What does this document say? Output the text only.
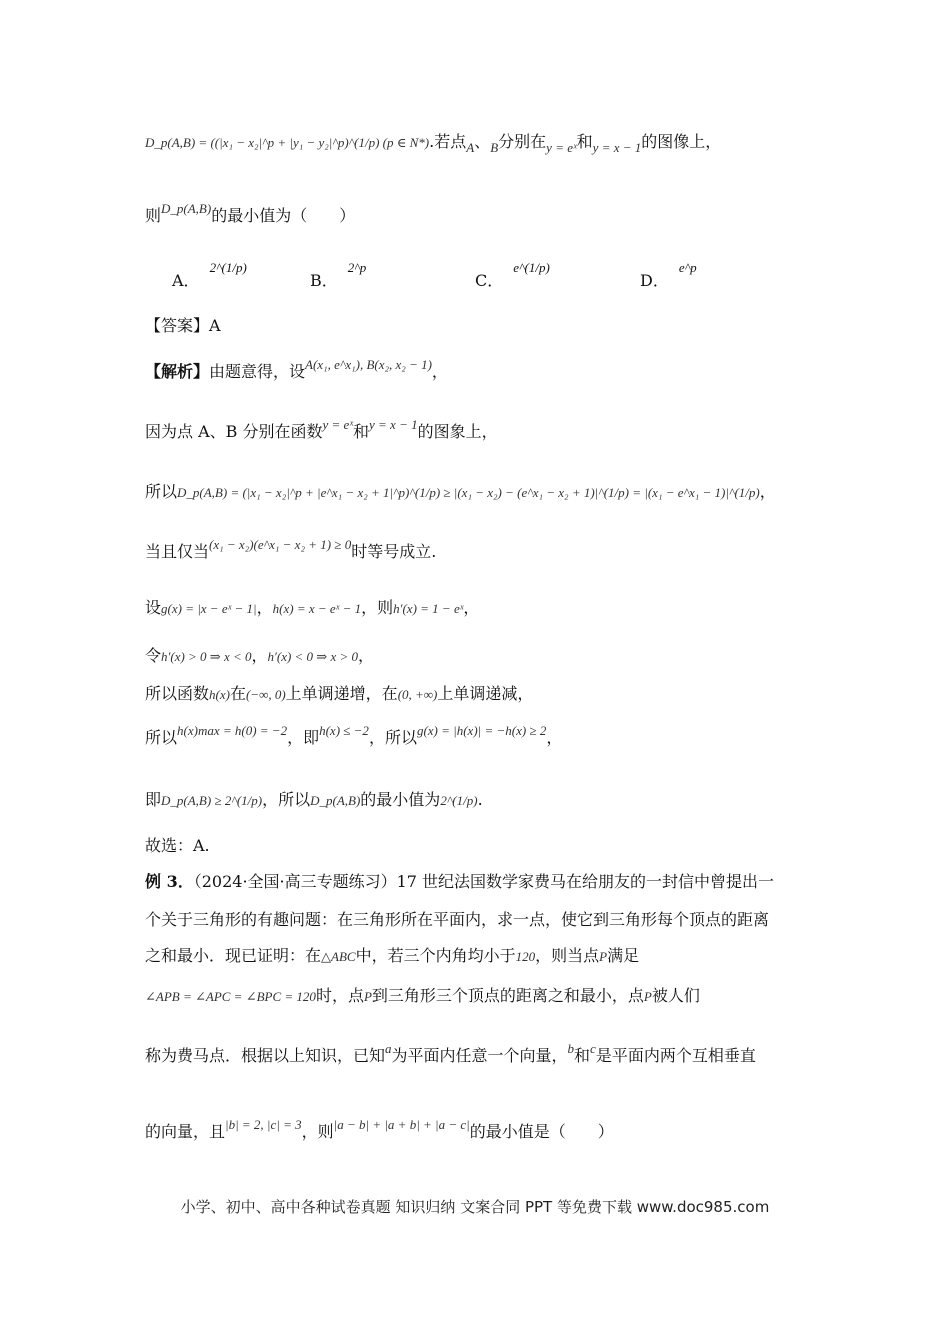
D_p(A,B) = ((|x₁ − x₂|^p + |y₁ − y₂|^p)^(1/p) (p ∈ N*).若点$_A$、$_B$分别在$_{y = eˣ}$和$_{y = x - 1}$的图像上，
则$^{D\_p(A,B)}$的最小值为（　　）
A．$^{2\^{}(1/p)}$
B．$^{2\^{}p}$
C．$^{e\^{}(1/p)}$
D．$^{e\^{}p}$
【答案】A
【解析】由题意得，设$^{A(x_1, e\^{}x_1), B(x_2, x_2 - 1)}$，
因为点 A、B 分别在函数$^{y = eˣ}$和$^{y = x - 1}$的图象上，
所以D_p(A,B) = (|x₁ − x₂|^p + |e^x₁ − x₂ + 1|^p)^(1/p) ≥ |(x₁ − x₂) − (e^x₁ − x₂ + 1)|^(1/p) = |(x₁ − e^x₁ − 1)|^(1/p)，
当且仅当$^{(x_1 - x_2)(e\^{}x_1 - x_2 + 1) \ge 0}$时等号成立.
设g(x) = |x − eˣ − 1|，h(x) = x − eˣ − 1，则h′(x) = 1 − eˣ，
令h′(x) > 0 ⇒ x < 0，h′(x) < 0 ⇒ x > 0，
所以函数h(x)在(−∞, 0)上单调递增，在(0, +∞)上单调递减，
所以$^{h(x)max = h(0) = -2}$，即$^{h(x) \le -2}$，所以$^{g(x) = |h(x)| = -h(x) \ge 2}$，
即D_p(A,B) ≥ 2^(1/p)，所以D_p(A,B)的最小值为2^(1/p).
故选：A.
例 3．（2024·全国·高三专题练习）17 世纪法国数学家费马在给朋友的一封信中曾提出一
个关于三角形的有趣问题：在三角形所在平面内，求一点，使它到三角形每个顶点的距离
之和最小．现已证明：在△ABC中，若三个内角均小于120，则当点P满足
∠APB = ∠APC = ∠BPC = 120时，点P到三角形三个顶点的距离之和最小，点P被人们
称为费马点．根据以上知识，已知$^a$为平面内任意一个向量，$^b$和$^c$是平面内两个互相垂直
的向量，且$^{|b| = 2, |c| = 3}$，则$^{|a - b| + |a + b| + |a - c|}$的最小值是（　　）
小学、初中、高中各种试卷真题 知识归纳 文案合同 PPT 等免费下载 www.doc985.com
